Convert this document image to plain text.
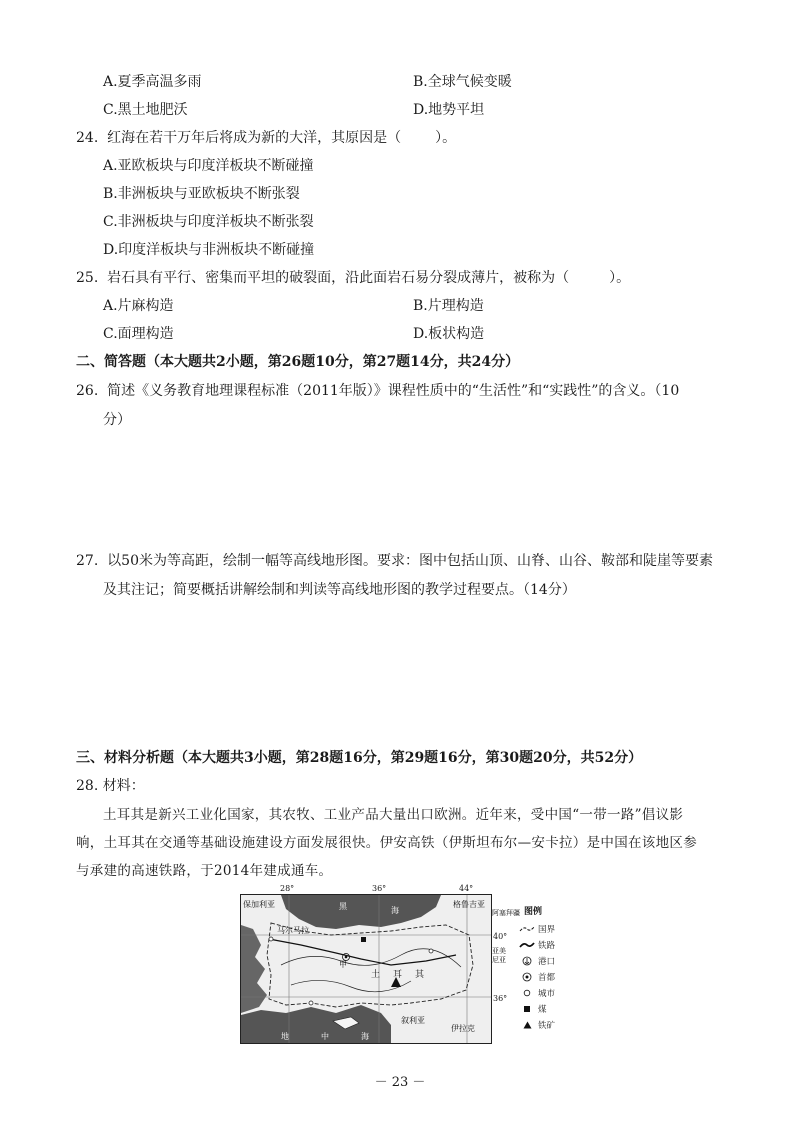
A.夏季高温多雨	B.全球气候变暖
C.黑土地肥沃	D.地势平坦
24. 红海在若干万年后将成为新的大洋，其原因是（ ）。
A.亚欧板块与印度洋板块不断碰撞
B.非洲板块与亚欧板块不断张裂
C.非洲板块与印度洋板块不断张裂
D.印度洋板块与非洲板块不断碰撞
25. 岩石具有平行、密集而平坦的破裂面，沿此面岩石易分裂成薄片，被称为（	）。
A.片麻构造	B.片理构造
C.面理构造	D.板状构造
二、简答题（本大题共2小题，第26题10分，第27题14分，共24分）
26. 简述《义务教育地理课程标准（2011年版）》课程性质中的“生活性”和“实践性”的含义。（10
分）
27. 以50米为等高距，绘制一幅等高线地形图。要求：图中包括山顶、山脊、山谷、鞍部和陡崖等要素
及其注记；简要概括讲解绘制和判读等高线地形图的教学过程要点。（14分）
三、材料分析题（本大题共3小题，第28题16分，第29题16分，第30题20分，共52分）
28. 材料：
土耳其是新兴工业化国家，其农牧、工业产品大量出口欧洲。近年来，受中国“一带一路”倡议影
响，土耳其在交通等基础设施建设方面发展很快。伊安高铁（伊斯坦布尔—安卡拉）是中国在该地区参
与承建的高速铁路，于2014年建成通车。
28°	36°	44°
保加利亚	格鲁吉亚
黑	海
马尔马拉
甲
土 耳 其
叙利亚
伊拉克
地	中	海
40°
36°
阿塞拜疆
亚美
尼亚
图例
国界
铁路
港口
首都
城市
煤
铁矿
－ 23 －
